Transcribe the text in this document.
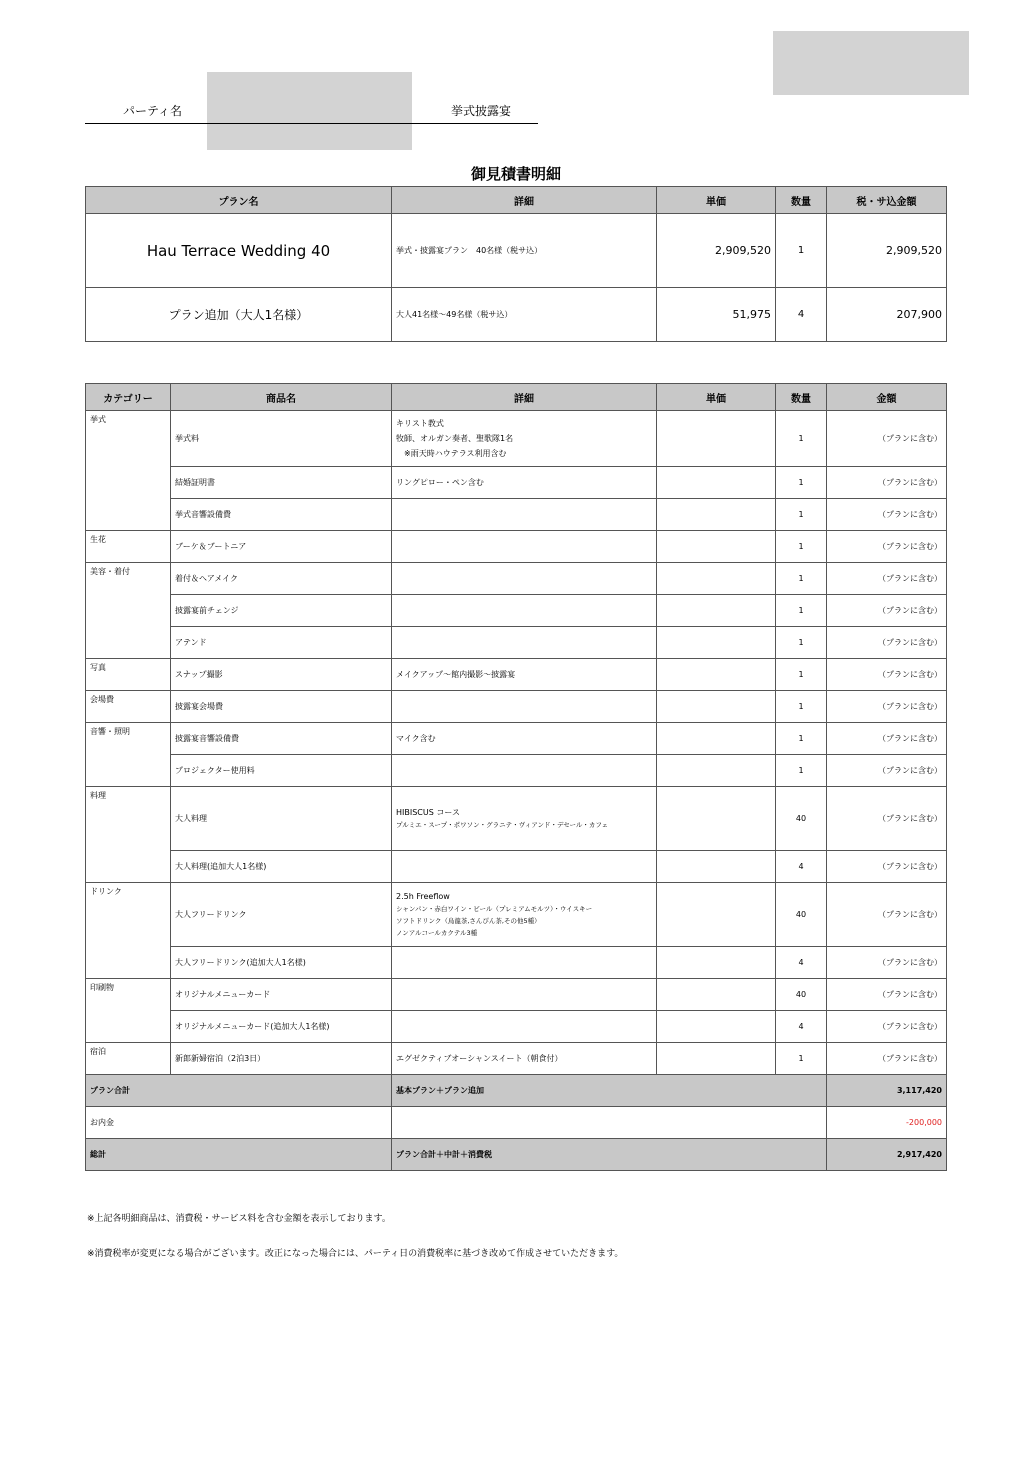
パーティ名	挙式披露宴
御見積書明細
プラン名	詳細	単価	数量	税・サ込金額
Hau Terrace Wedding 40	挙式・披露宴プラン　40名様（税サ込）	2,909,520	1	2,909,520
プラン追加（大人1名様）	大人41名様〜49名様（税サ込）	51,975	4	207,900
カテゴリー	商品名	詳細	単価	数量	金額
挙式	挙式料	キリスト教式
牧師、オルガン奏者、聖歌隊1名
※雨天時ハウテラス利用含む		1	（プランに含む）
	結婚証明書	リングピロー・ペン含む		1	（プランに含む）
	挙式音響設備費			1	（プランに含む）
生花	ブーケ＆ブートニア			1	（プランに含む）
美容・着付	着付＆ヘアメイク			1	（プランに含む）
	披露宴前チェンジ			1	（プランに含む）
	アテンド			1	（プランに含む）
写真	スナップ撮影	メイクアップ〜館内撮影〜披露宴		1	（プランに含む）
会場費	披露宴会場費			1	（プランに含む）
音響・照明	披露宴音響設備費	マイク含む		1	（プランに含む）
	プロジェクター使用料			1	（プランに含む）
料理	大人料理	HIBISCUS コース
プルミエ・スープ・ポワソン・グラニテ・ヴィアンド・デセール・カフェ		40	（プランに含む）
	大人料理(追加大人1名様)			4	（プランに含む）
ドリンク	大人フリードリンク	2.5h Freeflow
シャンパン・赤白ワイン・ビール（プレミアムモルツ）・ウイスキー
ソフトドリンク（烏龍茶,さんぴん茶,その他5種）
ノンアルコールカクテル3種		40	（プランに含む）
	大人フリードリンク(追加大人1名様)			4	（プランに含む）
印刷物	オリジナルメニューカード			40	（プランに含む）
	オリジナルメニューカード(追加大人1名様)			4	（プランに含む）
宿泊	新郎新婦宿泊（2泊3日）	エグゼクティブオーシャンスイート（朝食付）		1	（プランに含む）
プラン合計		基本プラン＋プラン追加			3,117,420
お内金					-200,000
総計		プラン合計＋中計＋消費税			2,917,420
※上記各明細商品は、消費税・サービス料を含む金額を表示しております。
※消費税率が変更になる場合がございます。改正になった場合には、パーティ日の消費税率に基づき改めて作成させていただきます。
